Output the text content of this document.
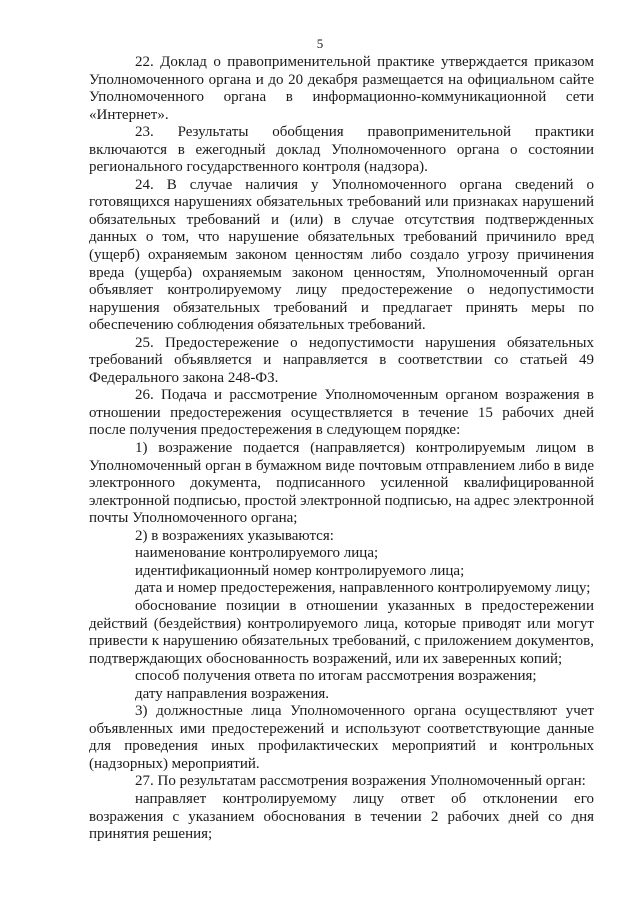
5

22. Доклад о правоприменительной практике утверждается приказом Уполномоченного органа и до 20 декабря размещается на официальном сайте Уполномоченного органа в информационно-коммуникационной сети «Интернет».

23. Результаты обобщения правоприменительной практики включаются в ежегодный доклад Уполномоченного органа о состоянии регионального государственного контроля (надзора).

24. В случае наличия у Уполномоченного органа сведений о готовящихся нарушениях обязательных требований или признаках нарушений обязательных требований и (или) в случае отсутствия подтвержденных данных о том, что нарушение обязательных требований причинило вред (ущерб) охраняемым законом ценностям либо создало угрозу причинения вреда (ущерба) охраняемым законом ценностям, Уполномоченный орган объявляет контролируемому лицу предостережение о недопустимости нарушения обязательных требований и предлагает принять меры по обеспечению соблюдения обязательных требований.

25. Предостережение о недопустимости нарушения обязательных требований объявляется и направляется в соответствии со статьей 49 Федерального закона 248-ФЗ.

26. Подача и рассмотрение Уполномоченным органом возражения в отношении предостережения осуществляется в течение 15 рабочих дней после получения предостережения в следующем порядке:

1) возражение подается (направляется) контролируемым лицом в Уполномоченный орган в бумажном виде почтовым отправлением либо в виде электронного документа, подписанного усиленной квалифицированной электронной подписью, простой электронной подписью, на адрес электронной почты Уполномоченного органа;

2) в возражениях указываются:

наименование контролируемого лица;

идентификационный номер контролируемого лица;

дата и номер предостережения, направленного контролируемому лицу;

обоснование позиции в отношении указанных в предостережении действий (бездействия) контролируемого лица, которые приводят или могут привести к нарушению обязательных требований, с приложением документов, подтверждающих обоснованность возражений, или их заверенных копий;

способ получения ответа по итогам рассмотрения возражения;

дату направления возражения.

3) должностные лица Уполномоченного органа осуществляют учет объявленных ими предостережений и используют соответствующие данные для проведения иных профилактических мероприятий и контрольных (надзорных) мероприятий.

27. По результатам рассмотрения возражения Уполномоченный орган:

направляет контролируемому лицу ответ об отклонении его возражения с указанием обоснования в течении 2 рабочих дней со дня принятия решения;
